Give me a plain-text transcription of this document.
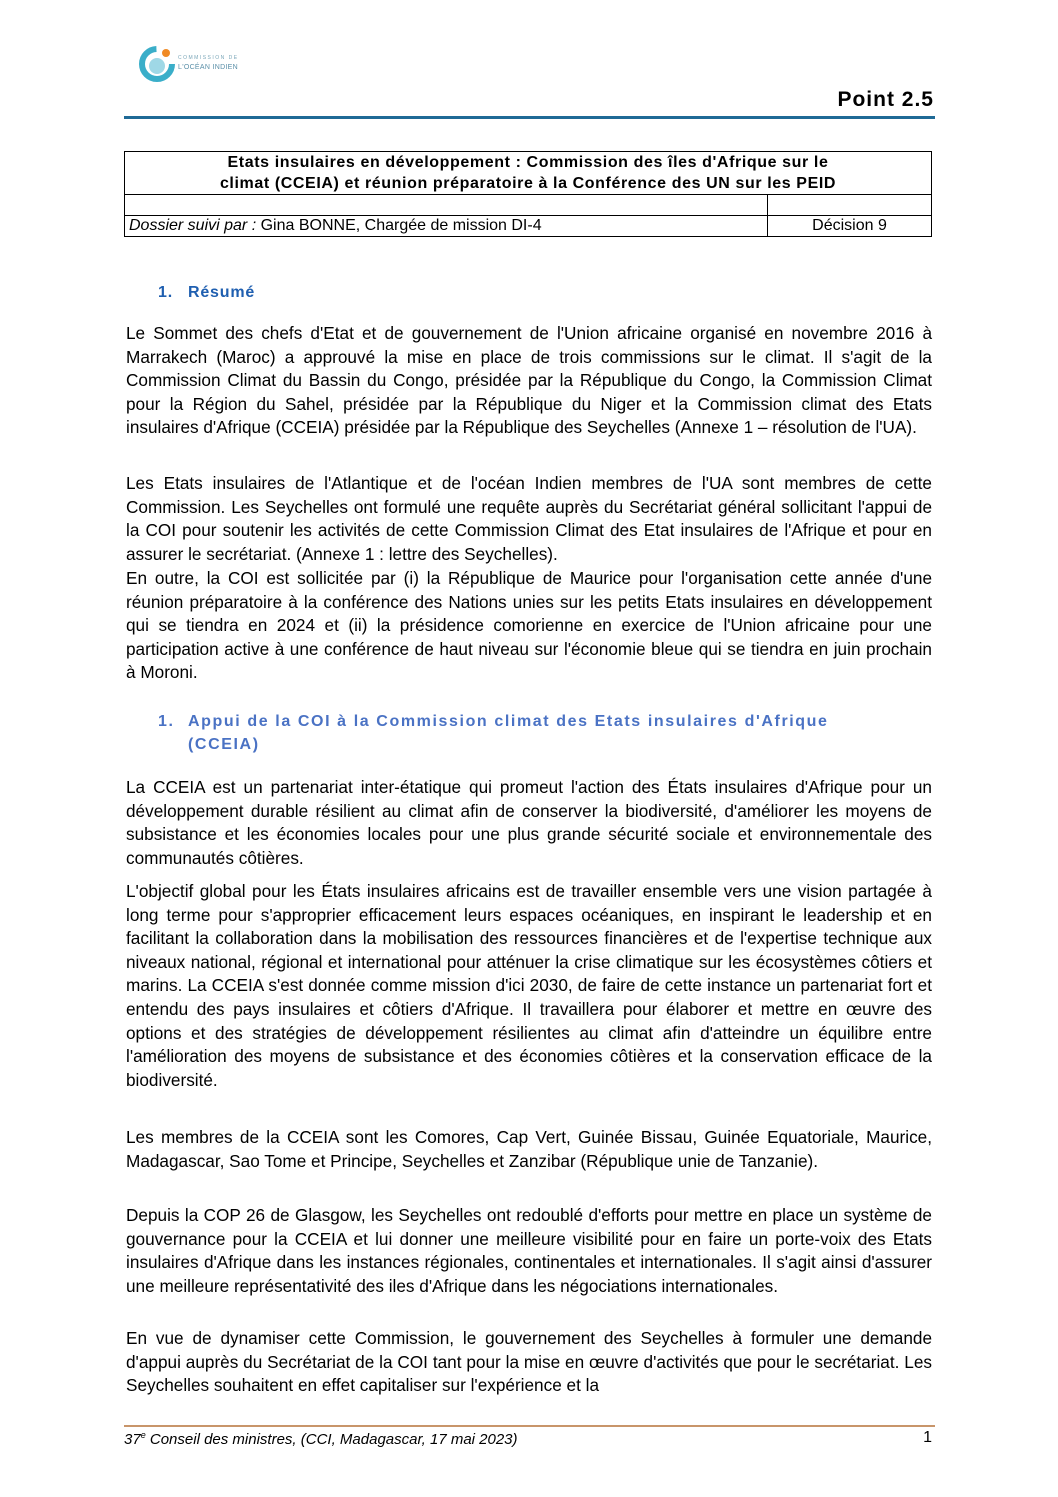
COMMISSION DE
L'OCÉAN INDIEN
Point 2.5
Etats insulaires en développement : Commission des îles d'Afrique sur le
climat (CCEIA) et réunion préparatoire à la Conférence des UN sur les PEID	

Dossier suivi par : Gina BONNE, Chargée de mission DI-4	Décision 9
1. Résumé
Le Sommet des chefs d'Etat et de gouvernement de l'Union africaine organisé en novembre 2016 à Marrakech (Maroc) a approuvé la mise en place de trois commissions sur le climat. Il s'agit de la Commission Climat du Bassin du Congo, présidée par la République du Congo, la Commission Climat pour la Région du Sahel, présidée par la République du Niger et la Commission climat des Etats insulaires d'Afrique (CCEIA) présidée par la République des Seychelles (Annexe 1 – résolution de l'UA).
Les Etats insulaires de l'Atlantique et de l'océan Indien membres de l'UA sont membres de cette Commission. Les Seychelles ont formulé une requête auprès du Secrétariat général sollicitant l'appui de la COI pour soutenir les activités de cette Commission Climat des Etat insulaires de l'Afrique et pour en assurer le secrétariat. (Annexe 1 : lettre des Seychelles).
En outre, la COI est sollicitée par (i) la République de Maurice pour l'organisation cette année d'une réunion préparatoire à la conférence des Nations unies sur les petits Etats insulaires en développement qui se tiendra en 2024 et (ii) la présidence comorienne en exercice de l'Union africaine pour une participation active à une conférence de haut niveau sur l'économie bleue qui se tiendra en juin prochain à Moroni.
1. Appui de la COI à la Commission climat des Etats insulaires d'Afrique
(CCEIA)
La CCEIA est un partenariat inter-étatique qui promeut l'action des États insulaires d'Afrique pour un développement durable résilient au climat afin de conserver la biodiversité, d'améliorer les moyens de subsistance et les économies locales pour une plus grande sécurité sociale et environnementale des communautés côtières.
L'objectif global pour les États insulaires africains est de travailler ensemble vers une vision partagée à long terme pour s'approprier efficacement leurs espaces océaniques, en inspirant le leadership et en facilitant la collaboration dans la mobilisation des ressources financières et de l'expertise technique aux niveaux national, régional et international pour atténuer la crise climatique sur les écosystèmes côtiers et marins. La CCEIA s'est donnée comme mission d'ici 2030, de faire de cette instance un partenariat fort et entendu des pays insulaires et côtiers d'Afrique. Il travaillera pour élaborer et mettre en œuvre des options et des stratégies de développement résilientes au climat afin d'atteindre un équilibre entre l'amélioration des moyens de subsistance et des économies côtières et la conservation efficace de la biodiversité.
Les membres de la CCEIA sont les Comores, Cap Vert, Guinée Bissau, Guinée Equatoriale, Maurice, Madagascar, Sao Tome et Principe, Seychelles et Zanzibar (République unie de Tanzanie).
Depuis la COP 26 de Glasgow, les Seychelles ont redoublé d'efforts pour mettre en place un système de gouvernance pour la CCEIA et lui donner une meilleure visibilité pour en faire un porte-voix des Etats insulaires d'Afrique dans les instances régionales, continentales et internationales. Il s'agit ainsi d'assurer une meilleure représentativité des iles d'Afrique dans les négociations internationales.
En vue de dynamiser cette Commission, le gouvernement des Seychelles à formuler une demande d'appui auprès du Secrétariat de la COI tant pour la mise en œuvre d'activités que pour le secrétariat. Les Seychelles souhaitent en effet capitaliser sur l'expérience et la
37e Conseil des ministres, (CCI, Madagascar, 17 mai 2023)	1
